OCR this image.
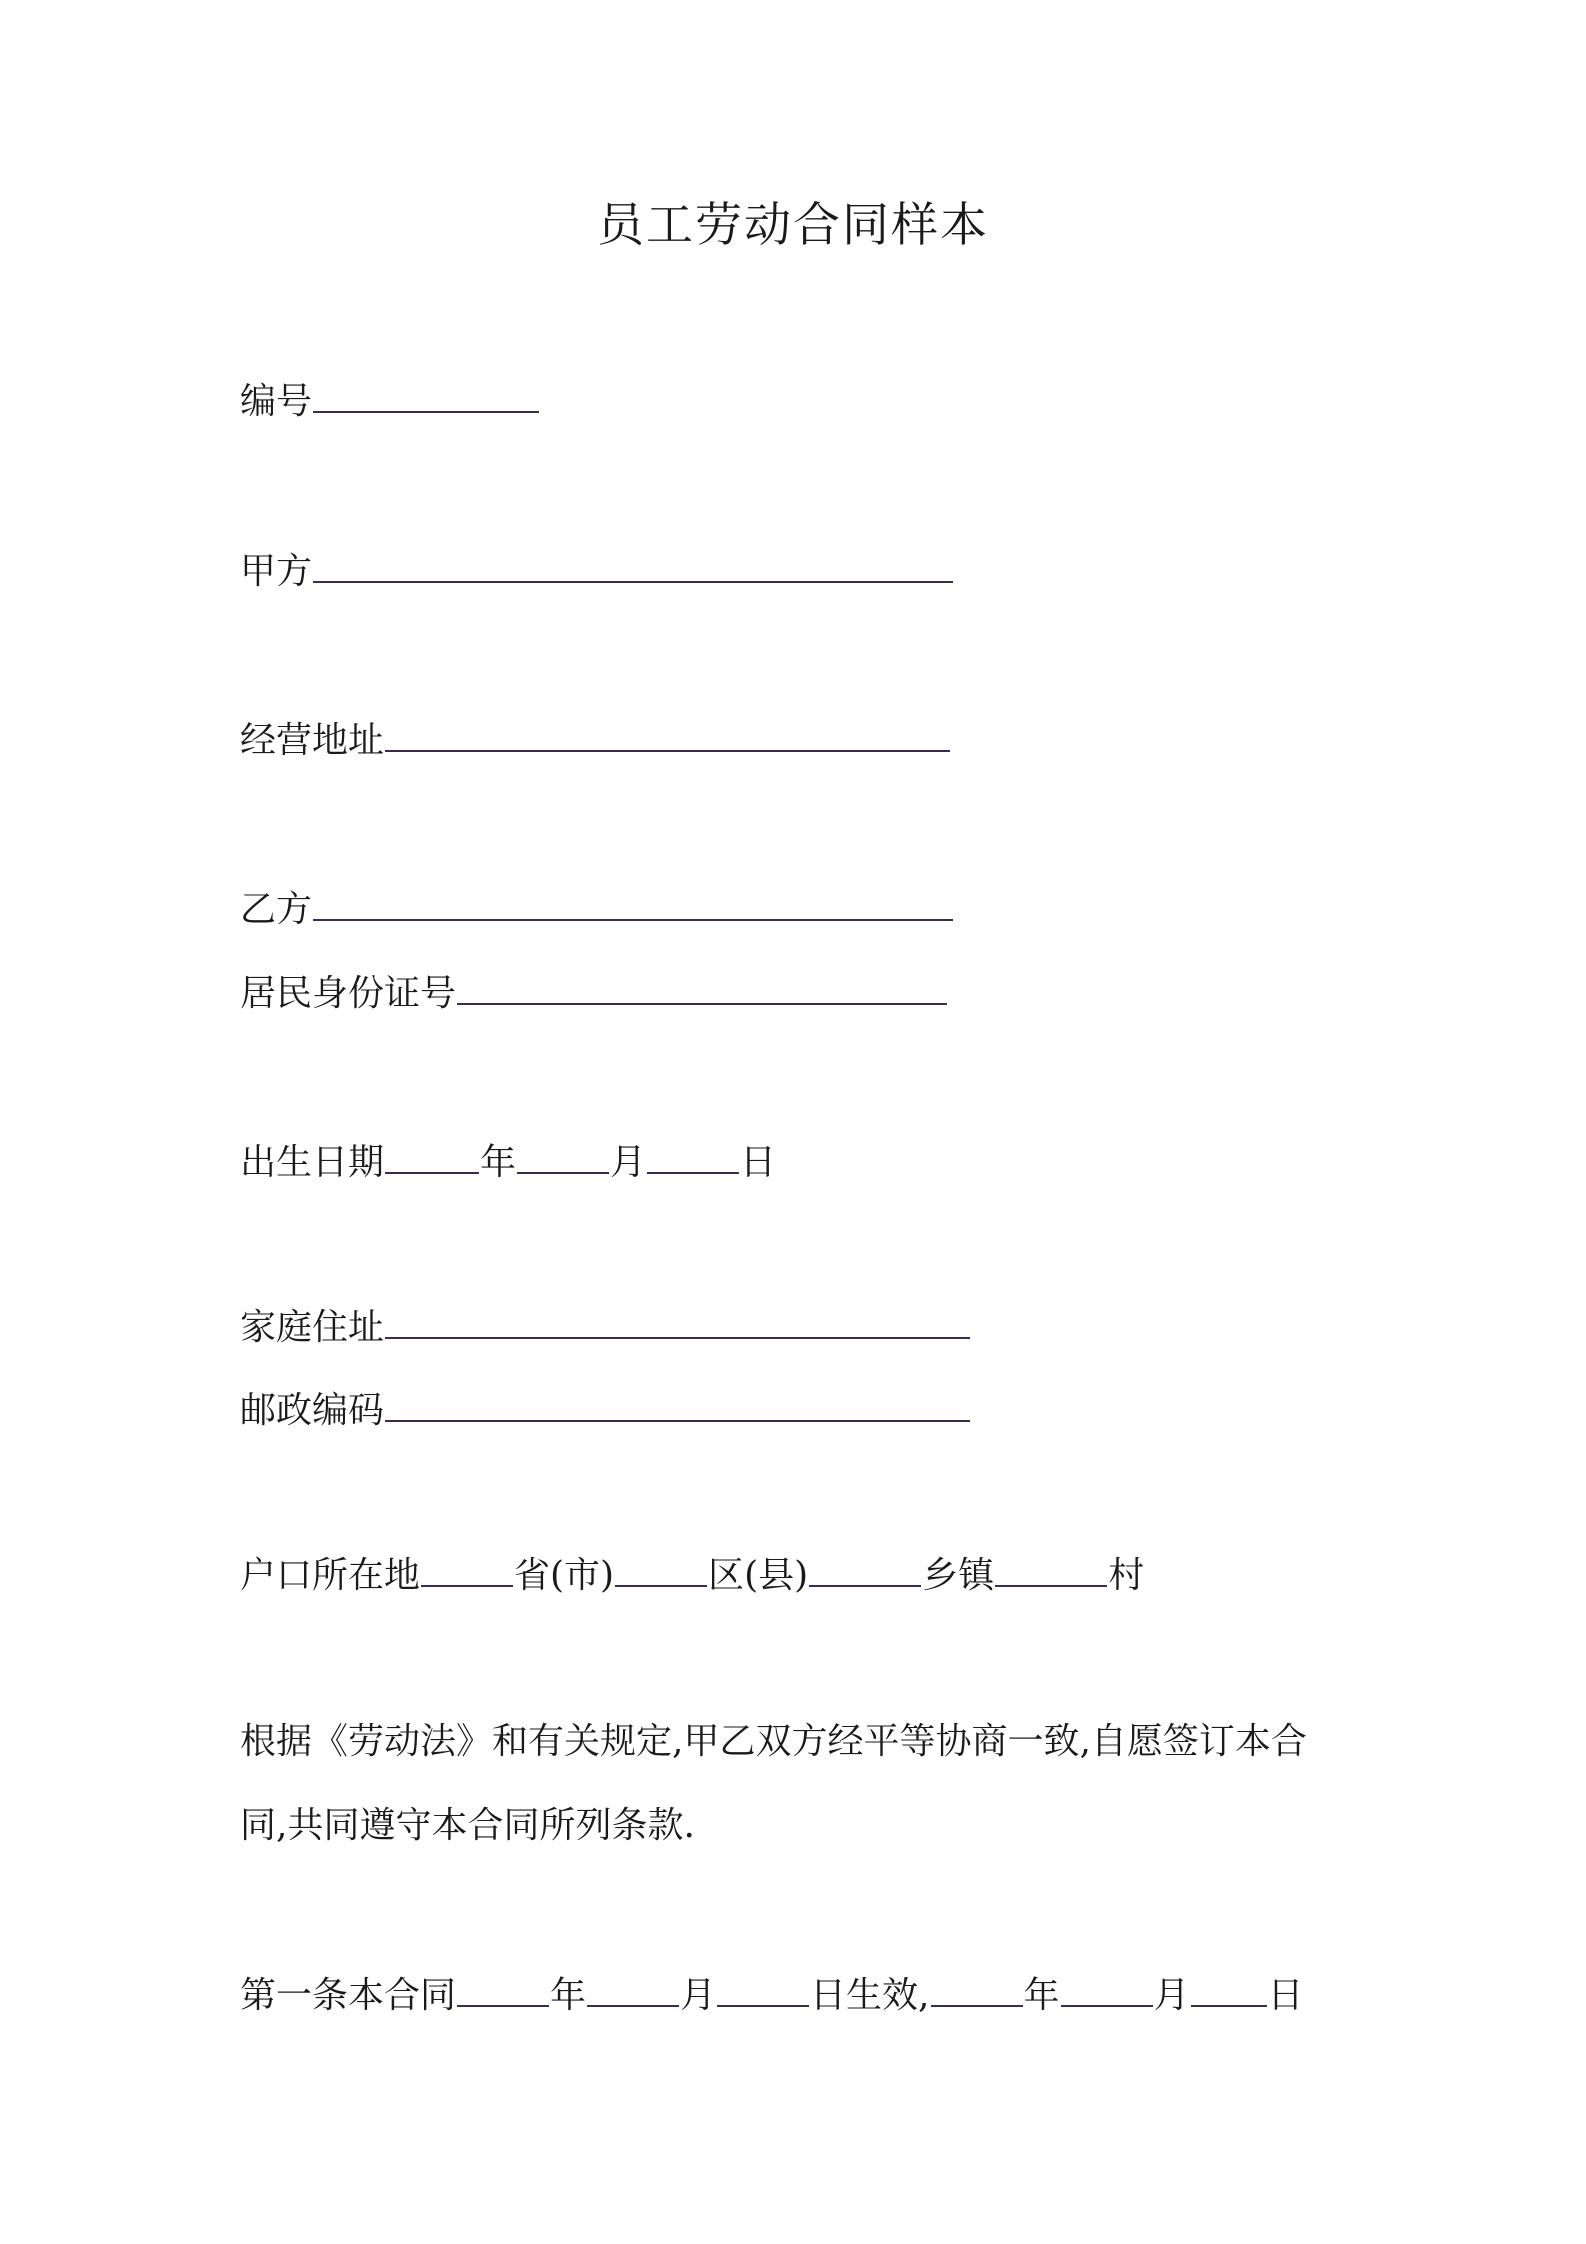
员工劳动合同样本
编号
甲方
经营地址
乙方
居民身份证号
出生日期	年	月	日
家庭住址
邮政编码
户口所在地	省(市)	区(县)	乡镇	村
根据《劳动法》和有关规定,甲乙双方经平等协商一致,自愿签订本合
同,共同遵守本合同所列条款.
第一条本合同	年	月	日生效,	年	月 日
